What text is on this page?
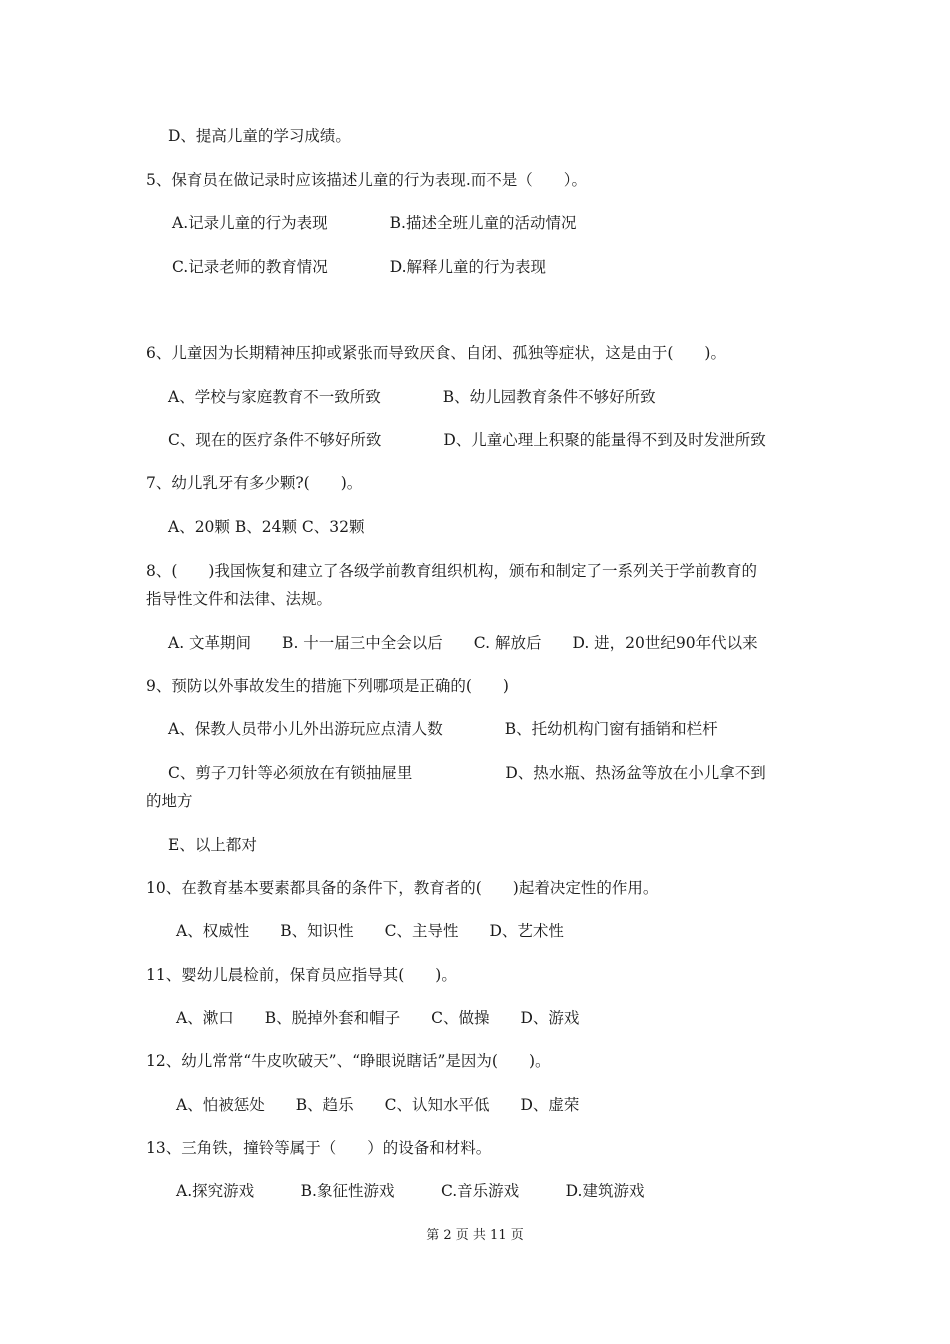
D、提高儿童的学习成绩。
5、保育员在做记录时应该描述儿童的行为表现.而不是（　　）。
A.记录儿童的行为表现　　　　B.描述全班儿童的活动情况
C.记录老师的教育情况　　　　D.解释儿童的行为表现
6、儿童因为长期精神压抑或紧张而导致厌食、自闭、孤独等症状，这是由于(　　)。
A、学校与家庭教育不一致所致　　　　B、幼儿园教育条件不够好所致
C、现在的医疗条件不够好所致　　　　D、儿童心理上积聚的能量得不到及时发泄所致
7、幼儿乳牙有多少颗?(　　)。
A、20颗 B、24颗 C、32颗
8、(　　)我国恢复和建立了各级学前教育组织机构，颁布和制定了一系列关于学前教育的
指导性文件和法律、法规。
A. 文革期间　　B. 十一届三中全会以后　　C. 解放后　　D. 进，20世纪90年代以来
9、预防以外事故发生的措施下列哪项是正确的(　　)
A、保教人员带小儿外出游玩应点清人数　　　　B、托幼机构门窗有插销和栏杆
C、剪子刀针等必须放在有锁抽屉里　　　　　　D、热水瓶、热汤盆等放在小儿拿不到
的地方
E、以上都对
10、在教育基本要素都具备的条件下，教育者的(　　)起着决定性的作用。
A、权威性　　B、知识性　　C、主导性　　D、艺术性
11、婴幼儿晨检前，保育员应指导其(　　)。
A、漱口　　B、脱掉外套和帽子　　C、做操　　D、游戏
12、幼儿常常“牛皮吹破天”、“睁眼说瞎话”是因为(　　)。
A、怕被惩处　　B、趋乐　　C、认知水平低　　D、虚荣
13、三角铁，撞铃等属于（　　）的设备和材料。
A.探究游戏　　　B.象征性游戏　　　C.音乐游戏　　　D.建筑游戏
第 2 页 共 11 页
